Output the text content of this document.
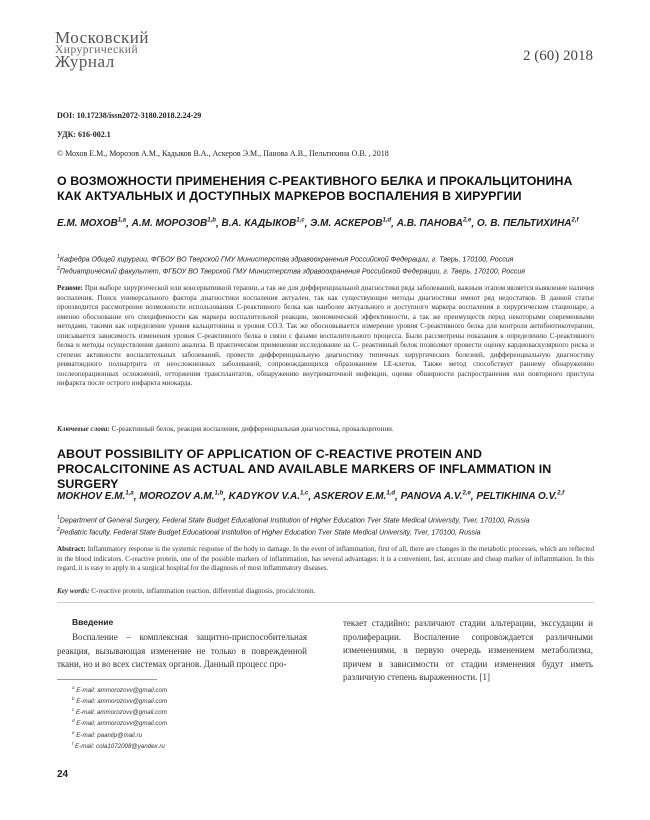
Московский
Хирургический
Журнал	2 (60) 2018
DOI: 10.17238/issn2072-3180.2018.2.24-29
УДК: 616-002.1
© Мохов Е.М., Морозов А.М., Кадыков В.А., Аскеров Э.М., Панова А.В., Пельтихина О.В. , 2018
О ВОЗМОЖНОСТИ ПРИМЕНЕНИЯ С-РЕАКТИВНОГО БЕЛКА И ПРОКАЛЬЦИТОНИНА КАК АКТУАЛЬНЫХ И ДОСТУПНЫХ МАРКЕРОВ ВОСПАЛЕНИЯ В ХИРУРГИИ
Е.М. МОХОВ$^{1,a}$, А.М. МОРОЗОВ$^{1,b}$, В.А. КАДЫКОВ$^{1,c}$, Э.М. АСКЕРОВ$^{1,d}$, А.В. ПАНОВА$^{2,e}$, О. В. ПЕЛЬТИХИНА$^{2,f}$
$^1$Кафедра Общей хирургии, ФГБОУ ВО Тверской ГМУ Министерства здравоохранения Российской Федерации, г. Тверь, 170100, Россия
$^2$Педиатрический факультет, ФГБОУ ВО Тверской ГМУ Министерства здравоохранения Российской Федерации, г. Тверь, 170100, Россия
Резюме: При выборе хирургической или консервативной терапии, а так же для дифференциальной диагностики ряда заболеваний, важным этапом является выявление наличия воспаления. Поиск универсального фактора диагностики воспаления актуален, так как существующие методы диагностики имеют ряд недостатков. В данной статье производится рассмотрение возможности использования С-реактивного белка как наиболее актуального и доступного маркера воспаления в хирургическом стационаре, а именно обоснование его специфичности как маркера воспалительной реакции, экономической эффективности, а так же преимуществ перед некоторыми современными методами, такими как определение уровня кальцитонина и уровня СОЭ. Так же обосновывается измерение уровня С-реактивного белка для контроля антибиотикотерапии, описывается зависимость изменения уровня С-реактивного белка в связи с фазами воспалительного процесса. Были рассмотрены показания к определению С-реактивного белка и методы осуществления данного анализа. В практическом применении исследование на С- реактивный белок позволяют провести оценку кардиоваскулярного риска и степени активности воспалительных заболеваний, провести дифференциальную диагностику типичных хирургических болезней, дифференциальную диагностику ревматоидного полиартрита от неосложненных заболеваний, сопровождающихся образованием LE-клеток. Также метод способствует раннему обнаружению послеоперационных осложнений, отторжения трансплантатов, обнаружению внутриматочной инфекции, оценке обширности распространения или повторного приступа инфаркта после острого инфаркта миокарда.
Ключевые слова: С-реактивный белок, реакция воспаления, дифференциальная диагностика, прокальцитонин.
ABOUT POSSIBILITY OF APPLICATION OF C-REACTIVE PROTEIN AND PROCALCITONINE AS ACTUAL AND AVAILABLE MARKERS OF INFLAMMATION IN SURGERY
MOKHOV E.M.$^{1,a}$, MOROZOV A.M.$^{1,b}$, KADYKOV V.A.$^{1,c}$, ASKEROV E.M.$^{1,d}$, PANOVA A.V.$^{2,e}$, PELTIKHINA O.V.$^{2,f}$
$^1$Department of General Surgery, Federal State Budget Educational Institution of Higher Education Tver State Medical University, Tver, 170100, Russia
$^2$Pediatric faculty, Federal State Budget Educational Institution of Higher Education Tver State Medical University, Tver, 170100, Russia
Abstract: Inflammatory response is the systemic response of the body to damage. In the event of inflammation, first of all, there are changes in the metabolic processes, which are reflected in the blood indicators. C-reactive protein, one of the possible markers of inflammation, has several advantages: it is a convenient, fast, accurate and cheap marker of inflammation. In this regard, it is easy to apply in a surgical hospital for the diagnosis of most inflammatory diseases.
Key words: C-reactive protein, inflammation reaction, differential diagnosis, procalcitonin.
Введение
Воспаление – комплексная защитно-приспособительная реакция, вызывающая изменение не только в поврежденной ткани, но и во всех системах органов. Данный процесс про-
текает стадийно: различают стадии альтерации, экссудации и пролиферации. Воспаление сопровождается различными изменениями, в первую очередь изменением метаболизма, причем в зависимости от стадии изменения будут иметь различную степень выраженности. [1]
$^a$ E-mail: ammorozovv@gmail.com
$^b$ E-mail: ammorozovv@gmail.com
$^c$ E-mail: ammorozovv@gmail.com
$^d$ E-mail: ammorozovv@gmail.com
$^e$ E-mail: paanlip@mail.ru
$^f$ E-mail: cola1072008@yandex.ru
24
